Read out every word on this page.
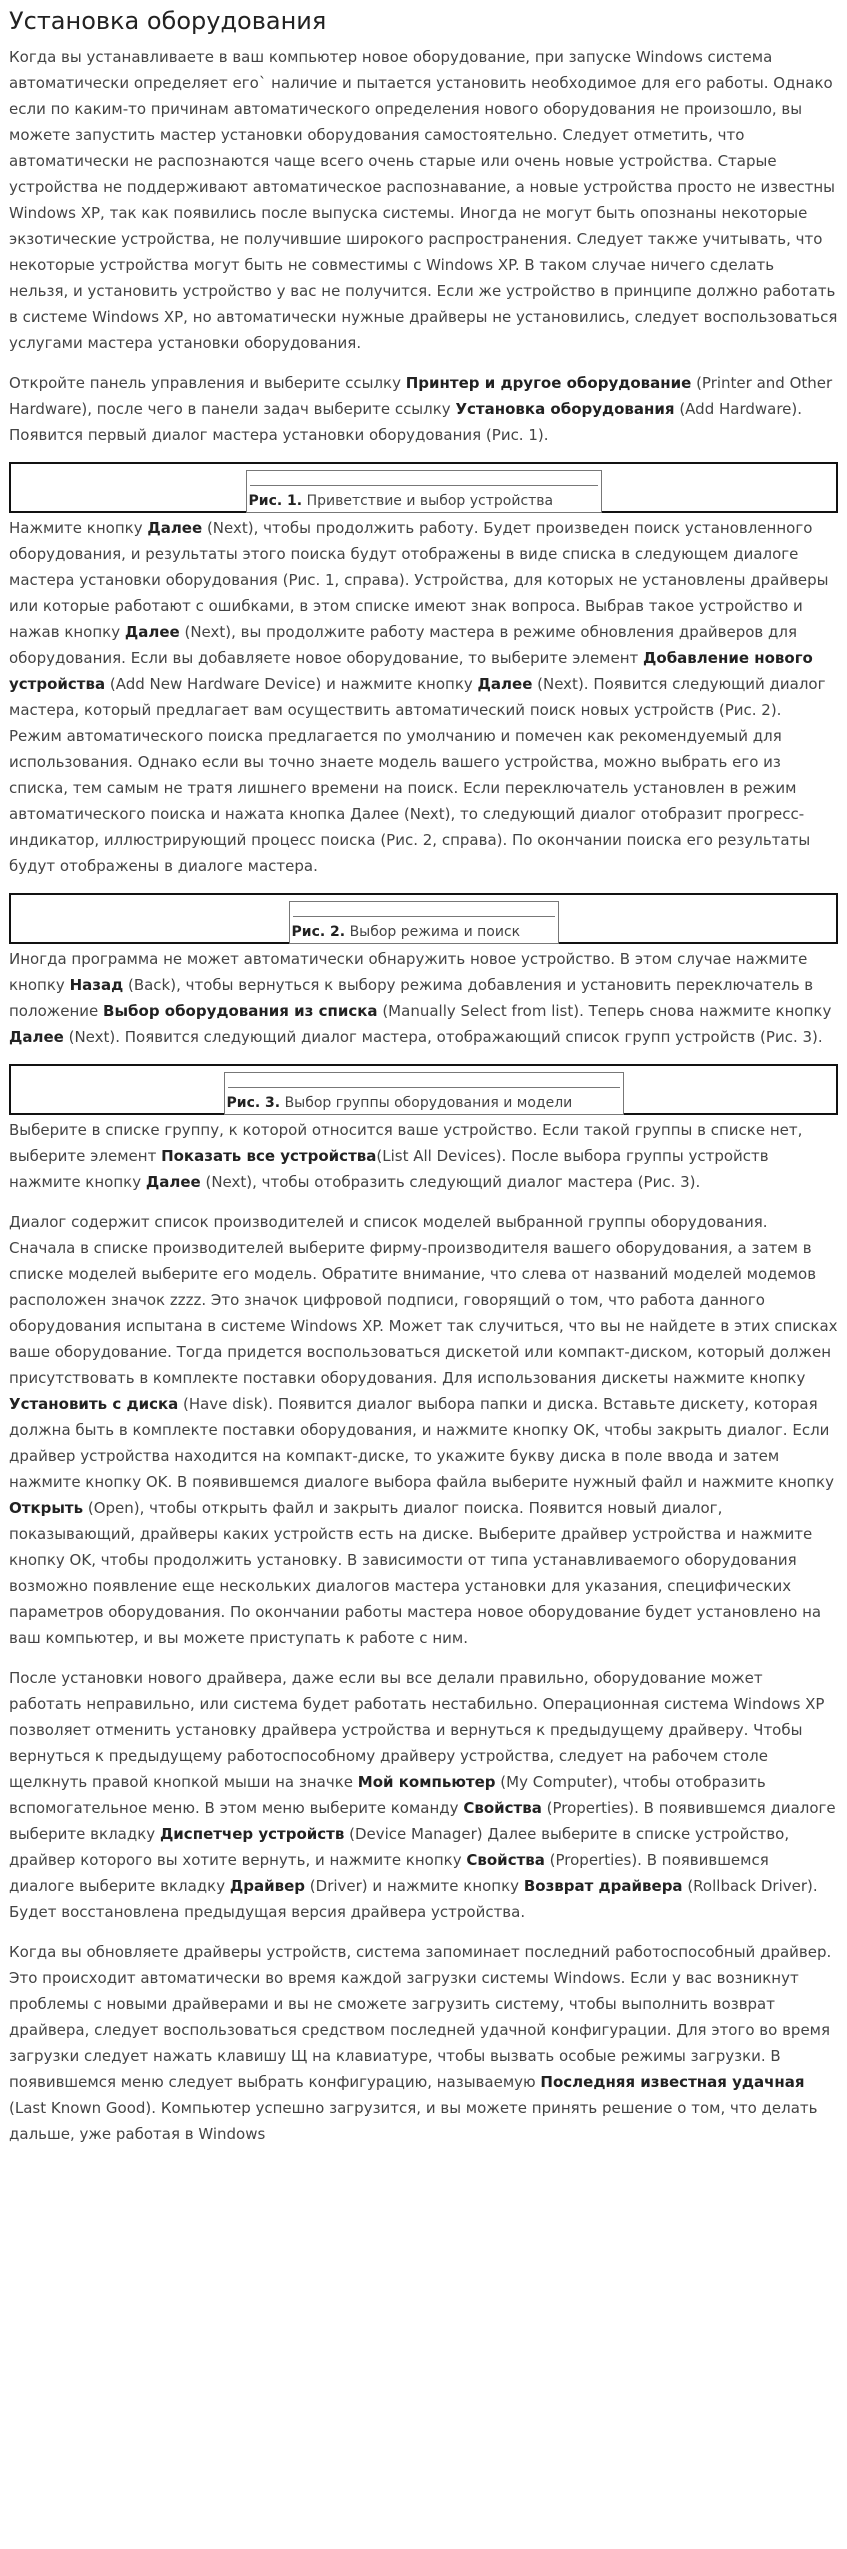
Установка оборудования

Когда вы устанавливаете в ваш компьютер новое оборудование, при запуске Windows система автоматически определяет его` наличие и пытается установить необходимое для его работы. Однако если по каким-то причинам автоматического определения нового оборудования не произошло, вы можете запустить мастер установки оборудования самостоятельно. Следует отметить, что автоматически не распознаются чаще всего очень старые или очень новые устройства. Старые устройства не поддерживают автоматическое распознавание, а новые устройства просто не известны Windows XP, так как появились после выпуска системы. Иногда не могут быть опознаны некоторые экзотические устройства, не получившие широкого распространения. Следует также учитывать, что некоторые устройства могут быть не совместимы с Windows XP. В таком случае ничего сделать нельзя, и установить устройство у вас не получится. Если же устройство в принципе должно работать в системе Windows XP, но автоматически нужные драйверы не установились, следует воспользоваться услугами мастера установки оборудования.

Откройте панель управления и выберите ссылку Принтер и другое оборудование (Printer and Other Hardware), после чего в панели задач выберите ссылку Установка оборудования (Add Hardware). Появится первый диалог мастера установки оборудования (Рис. 1).

Рис. 1. Приветствие и выбор устройства

Нажмите кнопку Далее (Next), чтобы продолжить работу. Будет произведен поиск установленного оборудования, и результаты этого поиска будут отображены в виде списка в следующем диалоге мастера установки оборудования (Рис. 1, справа). Устройства, для которых не установлены драйверы или которые работают с ошибками, в этом списке имеют знак вопроса. Выбрав такое устройство и нажав кнопку Далее (Next), вы продолжите работу мастера в режиме обновления драйверов для оборудования. Если вы добавляете новое оборудование, то выберите элемент Добавление нового устройства (Add New Hardware Device) и нажмите кнопку Далее (Next). Появится следующий диалог мастера, который предлагает вам осуществить автоматический поиск новых устройств (Рис. 2). Режим автоматического поиска предлагается по умолчанию и помечен как рекомендуемый для использования. Однако если вы точно знаете модель вашего устройства, можно выбрать его из списка, тем самым не тратя лишнего времени на поиск. Если переключатель установлен в режим автоматического поиска и нажата кнопка Далее (Next), то следующий диалог отобразит прогресс-индикатор, иллюстрирующий процесс поиска (Рис. 2, справа). По окончании поиска его результаты будут отображены в диалоге мастера.

Рис. 2. Выбор режима и поиск

Иногда программа не может автоматически обнаружить новое устройство. В этом случае нажмите кнопку Назад (Back), чтобы вернуться к выбору режима добавления и установить переключатель в положение Выбор оборудования из списка (Manually Select from list). Теперь снова нажмите кнопку Далее (Next). Появится следующий диалог мастера, отображающий список групп устройств (Рис. 3).

Рис. 3. Выбор группы оборудования и модели

Выберите в списке группу, к которой относится ваше устройство. Если такой группы в списке нет, выберите элемент Показать все устройства(List All Devices). После выбора группы устройств нажмите кнопку Далее (Next), чтобы отобразить следующий диалог мастера (Рис. 3).

Диалог содержит список производителей и список моделей выбранной группы оборудования. Сначала в списке производителей выберите фирму-производителя вашего оборудования, а затем в списке моделей выберите его модель. Обратите внимание, что слева от названий моделей модемов расположен значок zzzz. Это значок цифровой подписи, говорящий о том, что работа данного оборудования испытана в системе Windows XP. Может так случиться, что вы не найдете в этих списках ваше оборудование. Тогда придется воспользоваться дискетой или компакт-диском, который должен присутствовать в комплекте поставки оборудования. Для использования дискеты нажмите кнопку Установить с диска (Have disk). Появится диалог выбора папки и диска. Вставьте дискету, которая должна быть в комплекте поставки оборудования, и нажмите кнопку OK, чтобы закрыть диалог. Если драйвер устройства находится на компакт-диске, то укажите букву диска в поле ввода и затем нажмите кнопку OK. В появившемся диалоге выбора файла выберите нужный файл и нажмите кнопку Открыть (Open), чтобы открыть файл и закрыть диалог поиска. Появится новый диалог, показывающий, драйверы каких устройств есть на диске. Выберите драйвер устройства и нажмите кнопку OK, чтобы продолжить установку. В зависимости от типа устанавливаемого оборудования возможно появление еще нескольких диалогов мастера установки для указания, специфических параметров оборудования. По окончании работы мастера новое оборудование будет установлено на ваш компьютер, и вы можете приступать к работе с ним.

После установки нового драйвера, даже если вы все делали правильно, оборудование может работать неправильно, или система будет работать нестабильно. Операционная система Windows XP позволяет отменить установку драйвера устройства и вернуться к предыдущему драйверу. Чтобы вернуться к предыдущему работоспособному драйверу устройства, следует на рабочем столе щелкнуть правой кнопкой мыши на значке Мой компьютер (My Computer), чтобы отобразить вспомогательное меню. В этом меню выберите команду Свойства (Properties). В появившемся диалоге выберите вкладку Диспетчер устройств (Device Manager) Далее выберите в списке устройство, драйвер которого вы хотите вернуть, и нажмите кнопку Свойства (Properties). В появившемся диалоге выберите вкладку Драйвер (Driver) и нажмите кнопку Возврат драйвера (Rollback Driver). Будет восстановлена предыдущая версия драйвера устройства.

Когда вы обновляете драйверы устройств, система запоминает последний работоспособный драйвер. Это происходит автоматически во время каждой загрузки системы Windows. Если у вас возникнут проблемы с новыми драйверами и вы не сможете загрузить систему, чтобы выполнить возврат драйвера, следует воспользоваться средством последней удачной конфигурации. Для этого во время загрузки следует нажать клавишу Щ на клавиатуре, чтобы вызвать особые режимы загрузки. В появившемся меню следует выбрать конфигурацию, называемую Последняя известная удачная (Last Known Good). Компьютер успешно загрузится, и вы можете принять решение о том, что делать дальше, уже работая в Windows
